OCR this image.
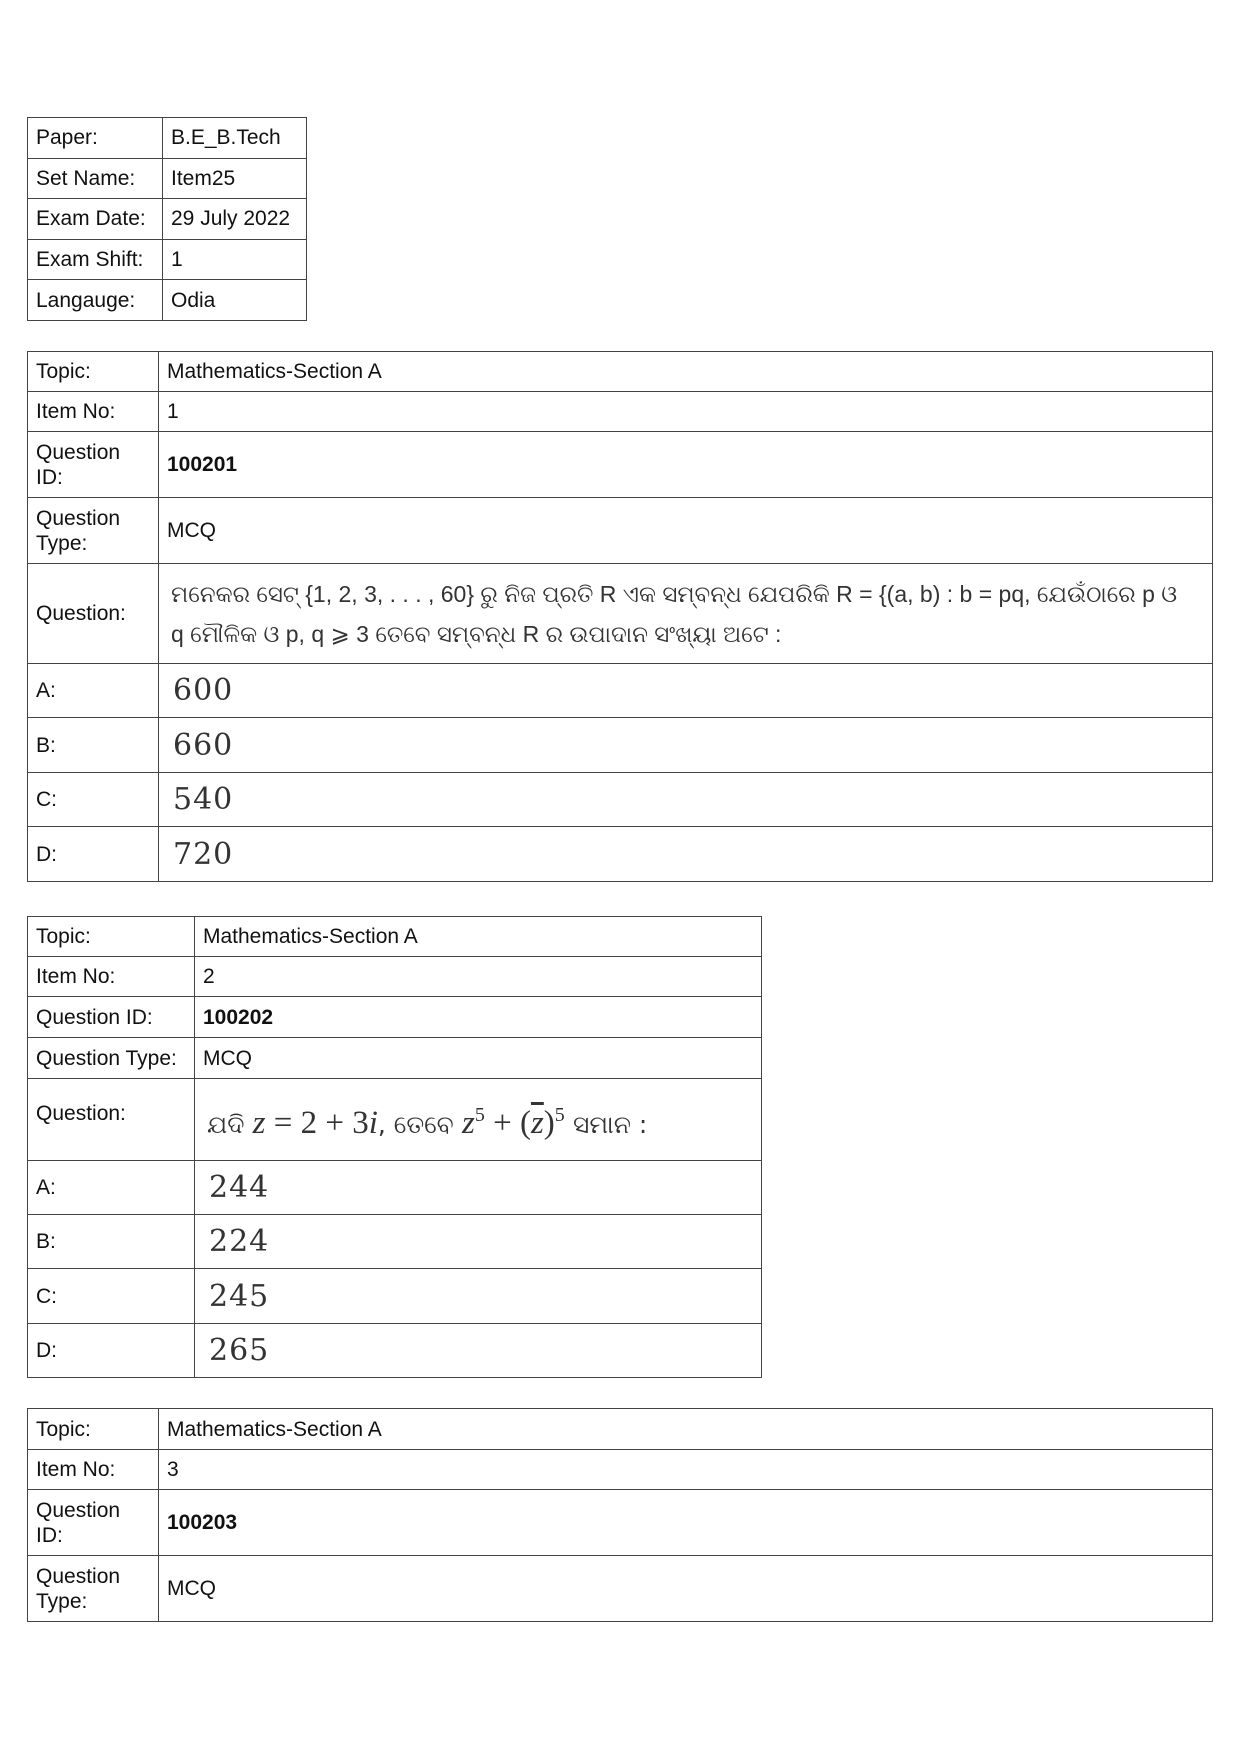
Paper:	B.E_B.Tech
Set Name:	Item25
Exam Date:	29 July 2022
Exam Shift:	1
Langauge:	Odia
Topic:	Mathematics-Section A
Item No:	1
Question ID:	100201
Question Type:	MCQ
Question:	ମନେକର ସେଟ୍ {1, 2, 3, . . . , 60} ରୁ ନିଜ ପ୍ରତି R ଏକ ସମ୍ବନ୍ଧ ଯେପରିକି R = {(a, b) : b = pq, ଯେଉଁଠାରେ p ଓ
q ମୌଳିକ ଓ p, q ⩾ 3 ତେବେ ସମ୍ବନ୍ଧ R ର ଉପାଦାନ ସଂଖ୍ୟା ଅଟେ :

A:	600
B:	660
C:	540
D:	720
Topic:	Mathematics-Section A
Item No:	2
Question ID:	100202
Question Type:	MCQ
Question:	ଯଦି z = 2 + 3i, ତେବେ $z^5 + (\overline{z})^5$ ସମାନ :
A:	244
B:	224
C:	245
D:	265
Topic:	Mathematics-Section A
Item No:	3
Question ID:	100203
Question Type:	MCQ
